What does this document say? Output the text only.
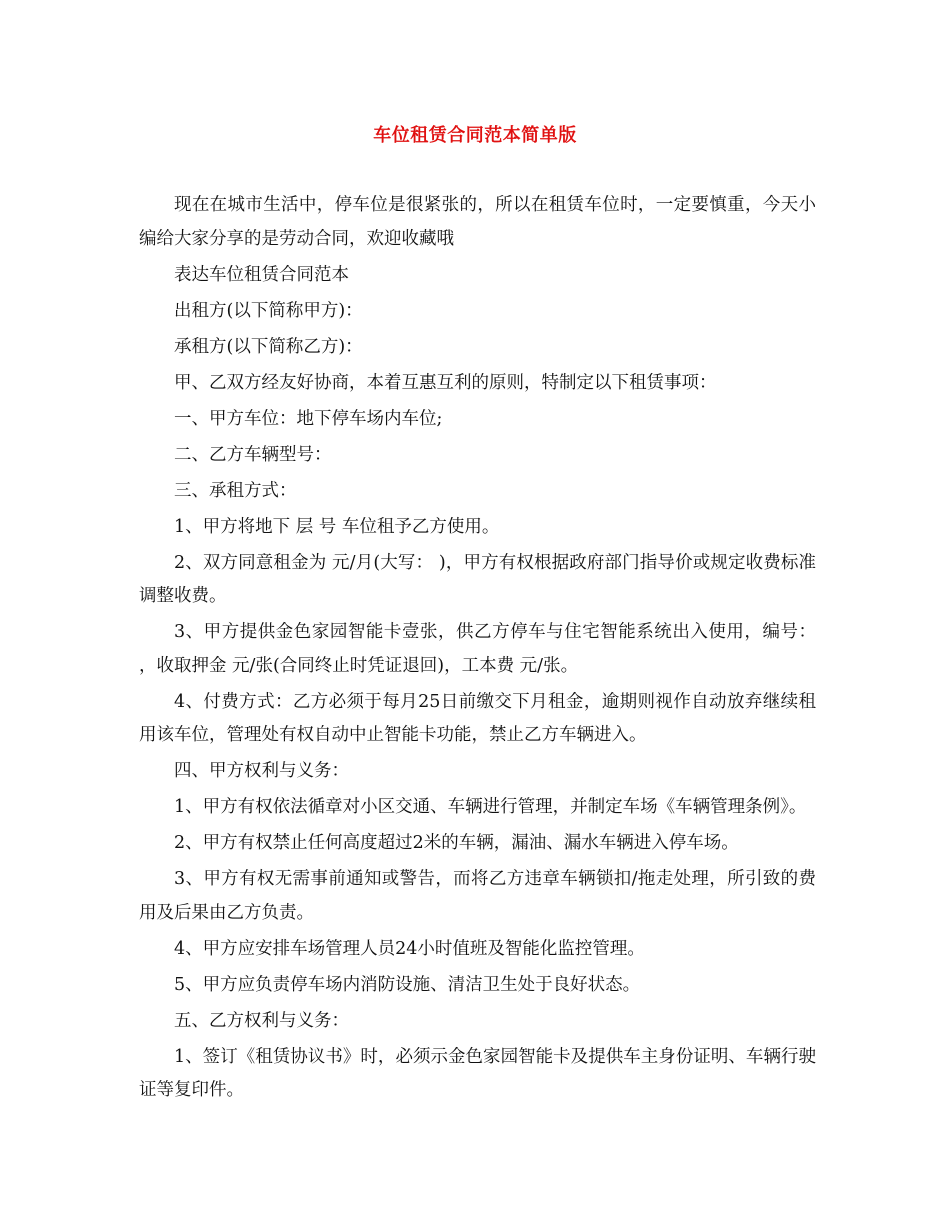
车位租赁合同范本简单版

现在在城市生活中，停车位是很紧张的，所以在租赁车位时，一定要慎重，今天小编给大家分享的是劳动合同，欢迎收藏哦

表达车位租赁合同范本

出租方(以下简称甲方)：

承租方(以下简称乙方)：

甲、乙双方经友好协商，本着互惠互利的原则，特制定以下租赁事项：

一、甲方车位：地下停车场内车位;

二、乙方车辆型号：

三、承租方式：

1、甲方将地下 层 号 车位租予乙方使用。

2、双方同意租金为 元/月(大写： )，甲方有权根据政府部门指导价或规定收费标准调整收费。

3、甲方提供金色家园智能卡壹张，供乙方停车与住宅智能系统出入使用，编号： ，收取押金 元/张(合同终止时凭证退回)，工本费 元/张。

4、付费方式：乙方必须于每月25日前缴交下月租金，逾期则视作自动放弃继续租用该车位，管理处有权自动中止智能卡功能，禁止乙方车辆进入。

四、甲方权利与义务：

1、甲方有权依法循章对小区交通、车辆进行管理，并制定车场《车辆管理条例》。

2、甲方有权禁止任何高度超过2米的车辆，漏油、漏水车辆进入停车场。

3、甲方有权无需事前通知或警告，而将乙方违章车辆锁扣/拖走处理，所引致的费用及后果由乙方负责。

4、甲方应安排车场管理人员24小时值班及智能化监控管理。

5、甲方应负责停车场内消防设施、清洁卫生处于良好状态。

五、乙方权利与义务：

1、签订《租赁协议书》时，必须示金色家园智能卡及提供车主身份证明、车辆行驶证等复印件。
